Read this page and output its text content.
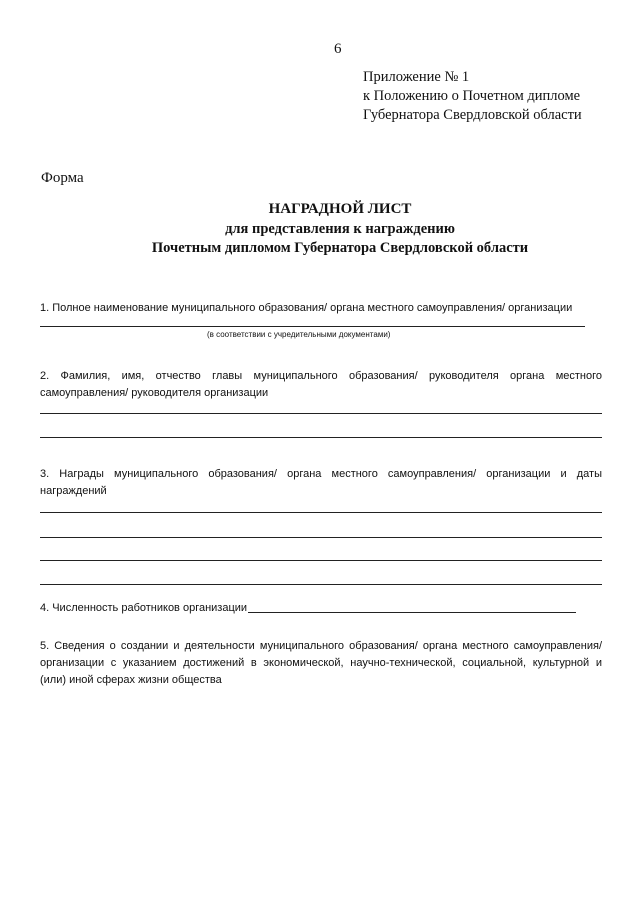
6
Приложение № 1
к Положению о Почетном дипломе
Губернатора Свердловской области
Форма
НАГРАДНОЙ ЛИСТ
для представления к награждению
Почетным дипломом Губернатора Свердловской области
1. Полное наименование муниципального образования/ органа местного самоуправления/ организации
(в соответствии с учредительными документами)
2. Фамилия, имя, отчество главы муниципального образования/ руководителя органа местного
самоуправления/ руководителя организации
3. Награды муниципального образования/ органа местного самоуправления/ организации и даты
награждений
4. Численность работников организации
5. Сведения о создании и деятельности муниципального образования/ органа местного самоуправления/
организации с указанием достижений в экономической, научно-технической, социальной, культурной и
(или) иной сферах жизни общества
